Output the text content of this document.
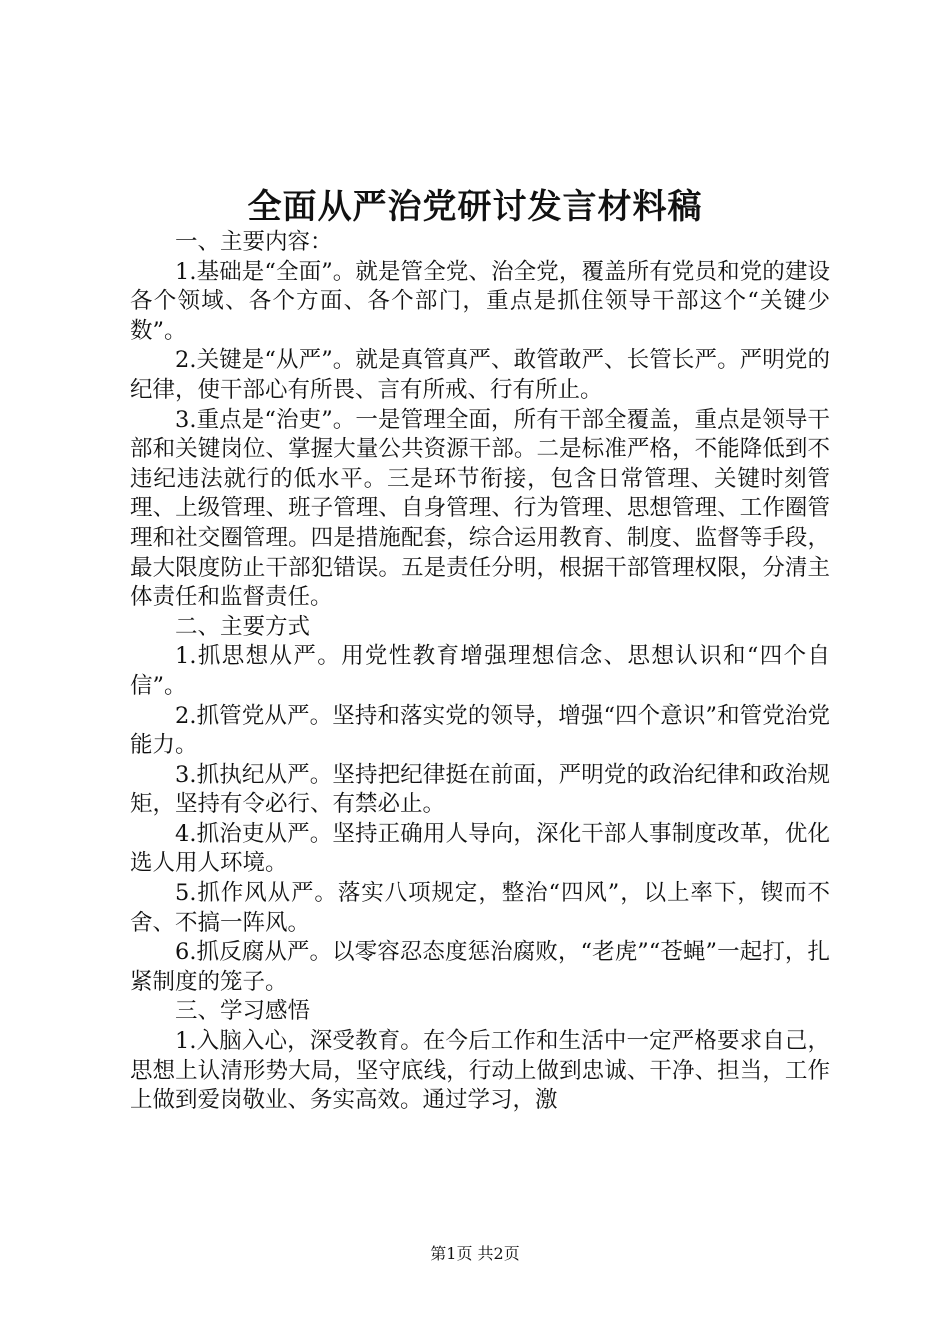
全面从严治党研讨发言材料稿

一、主要内容：

1.基础是“全面”。就是管全党、治全党，覆盖所有党员和党的建设各个领域、各个方面、各个部门，重点是抓住领导干部这个“关键少数”。

2.关键是“从严”。就是真管真严、敢管敢严、长管长严。严明党的纪律，使干部心有所畏、言有所戒、行有所止。

3.重点是“治吏”。一是管理全面，所有干部全覆盖，重点是领导干部和关键岗位、掌握大量公共资源干部。二是标准严格，不能降低到不违纪违法就行的低水平。三是环节衔接，包含日常管理、关键时刻管理、上级管理、班子管理、自身管理、行为管理、思想管理、工作圈管理和社交圈管理。四是措施配套，综合运用教育、制度、监督等手段，最大限度防止干部犯错误。五是责任分明，根据干部管理权限，分清主体责任和监督责任。

二、主要方式

1.抓思想从严。用党性教育增强理想信念、思想认识和“四个自信”。

2.抓管党从严。坚持和落实党的领导，增强“四个意识”和管党治党能力。

3.抓执纪从严。坚持把纪律挺在前面，严明党的政治纪律和政治规矩，坚持有令必行、有禁必止。

4.抓治吏从严。坚持正确用人导向，深化干部人事制度改革，优化选人用人环境。

5.抓作风从严。落实八项规定，整治“四风”，以上率下，锲而不舍、不搞一阵风。

6.抓反腐从严。以零容忍态度惩治腐败，“老虎”“苍蝇”一起打，扎紧制度的笼子。

三、学习感悟

1.入脑入心，深受教育。在今后工作和生活中一定严格要求自己，思想上认清形势大局，坚守底线，行动上做到忠诚、干净、担当，工作上做到爱岗敬业、务实高效。通过学习，激

第1页 共2页
